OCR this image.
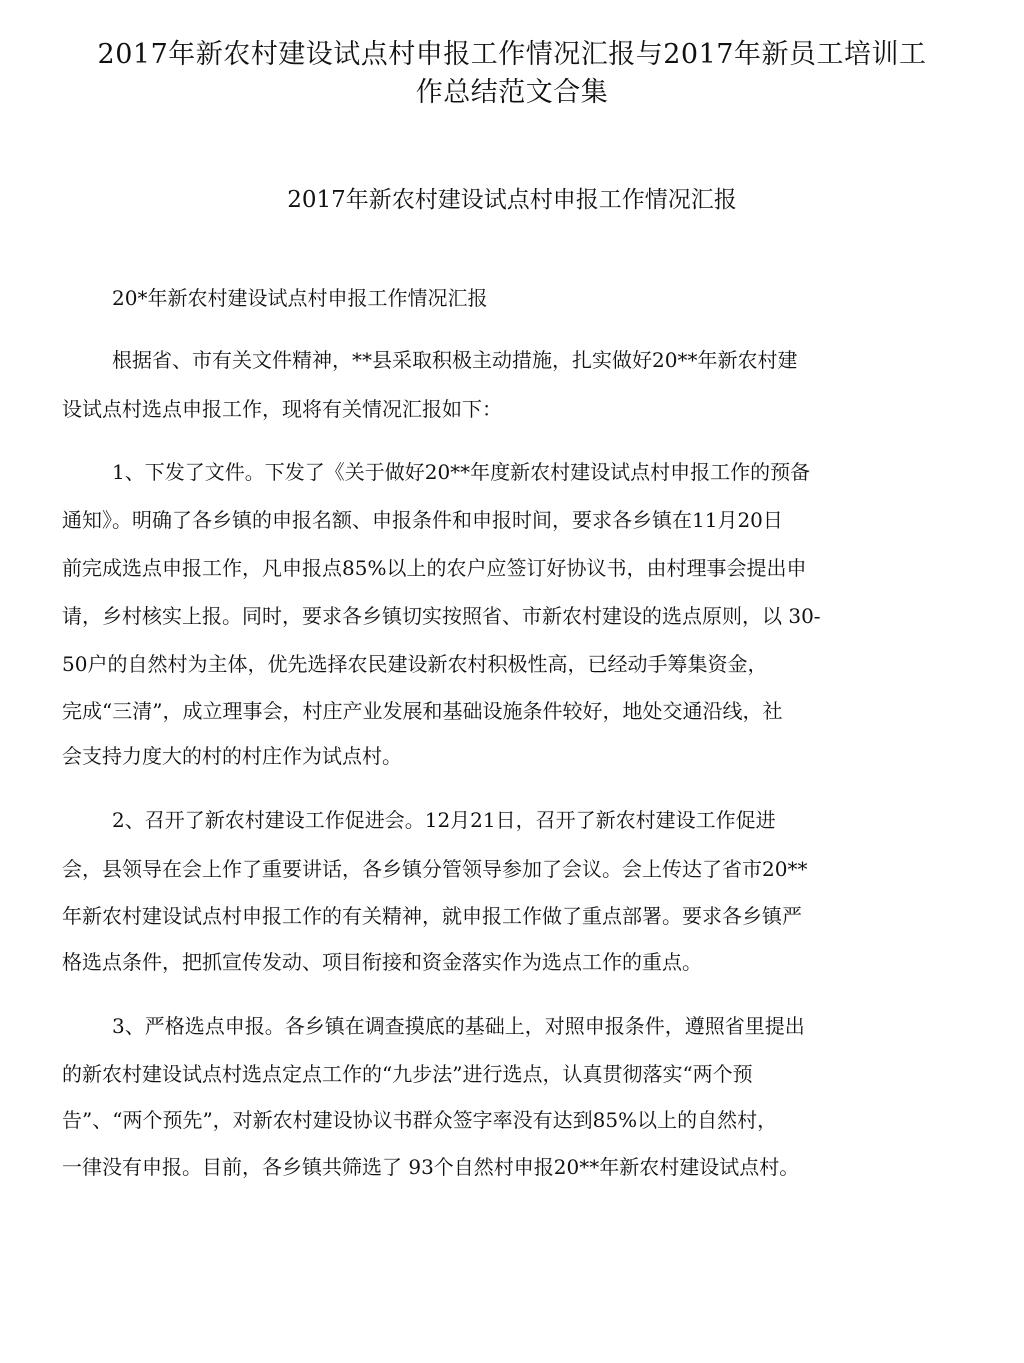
2017年新农村建设试点村申报工作情况汇报与2017年新员工培训工
作总结范文合集
2017年新农村建设试点村申报工作情况汇报
20*年新农村建设试点村申报工作情况汇报
根据省、市有关文件精神，**县采取积极主动措施，扎实做好20**年新农村建
设试点村选点申报工作，现将有关情况汇报如下：
1、下发了文件。下发了《关于做好20**年度新农村建设试点村申报工作的预备
通知》。明确了各乡镇的申报名额、申报条件和申报时间，要求各乡镇在11月20日
前完成选点申报工作，凡申报点85%以上的农户应签订好协议书，由村理事会提出申
请，乡村核实上报。同时，要求各乡镇切实按照省、市新农村建设的选点原则，以 30-
50户的自然村为主体，优先选择农民建设新农村积极性高，已经动手筹集资金，
完成“三清”，成立理事会，村庄产业发展和基础设施条件较好，地处交通沿线，社
会支持力度大的村的村庄作为试点村。
2、召开了新农村建设工作促进会。12月21日，召开了新农村建设工作促进
会，县领导在会上作了重要讲话，各乡镇分管领导参加了会议。会上传达了省市20**
年新农村建设试点村申报工作的有关精神，就申报工作做了重点部署。要求各乡镇严
格选点条件，把抓宣传发动、项目衔接和资金落实作为选点工作的重点。
3、严格选点申报。各乡镇在调查摸底的基础上，对照申报条件，遵照省里提出
的新农村建设试点村选点定点工作的“九步法”进行选点，认真贯彻落实“两个预
告”、“两个预先”，对新农村建设协议书群众签字率没有达到85%以上的自然村，
一律没有申报。目前，各乡镇共筛选了 93个自然村申报20**年新农村建设试点村。
